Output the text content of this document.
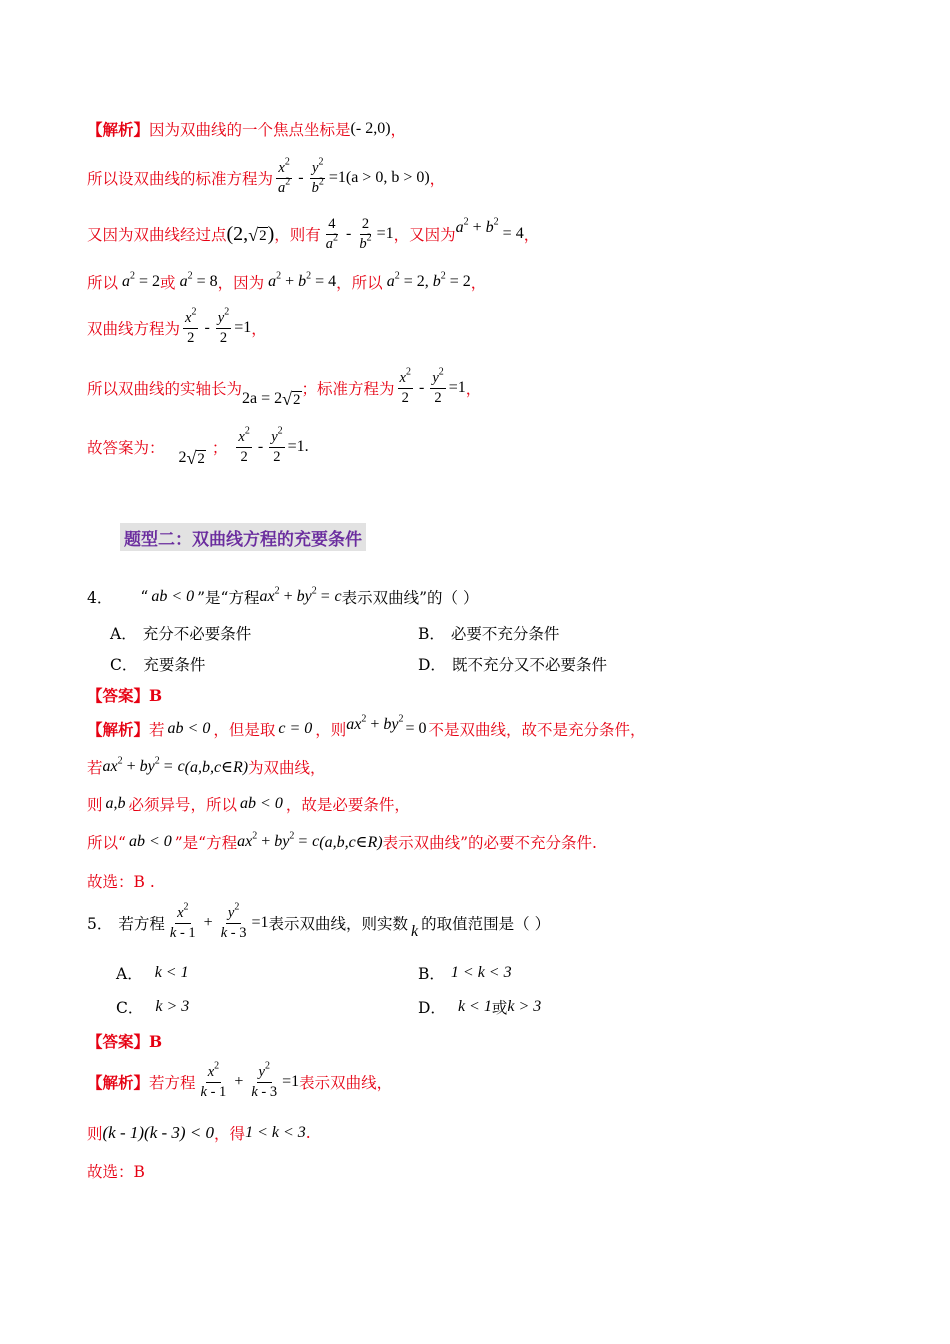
【解析】 因为双曲线的一个焦点坐标是 (- 2,0) ，
所以设双曲线的标准方程为 $\frac{x^2}{a^2} - \frac{y^2}{b^2} =1(a > 0$, b > 0) ，
又因为双曲线经过点 (2, √ 2 ) ，则有 $\frac{4}{a^2} - \frac{2}{b^2} =1$ ，又因为 $a^2 + b^2$
= 4 ，
所以 $a^2 = 2$ 或 $a^2 = 8$ ，因为 $a^2 + b^2 = 4$ ，所以 $a^2 = 2$, $b^2 = 2$ ，
双曲线方程为 $\frac{x^2}{2} - \frac{y^2}{2} =1$ ，
所以双曲线的实轴长为
2a = 2 √ 2
；标准方程为 $\frac{x^2}{2} - \frac{y^2}{2} =1$ ，
故答案为：
2 √ 2
； $\frac{x^2}{2} - \frac{y^2}{2} =1$ .
题型二：双曲线方程的充要条件
4． “ ab < 0 ”是“方程 $ax^2 + by^2 = c$ 表示双曲线”的（ ）
A． 充分不必要条件	B． 必要不充分条件
C． 充要条件	D． 既不充分又不必要条件
【答案】 B
【解析】 若 ab < 0 ，但是取 c = 0 ，则 $ax^2 + by^2$
= 0 不是双曲线，故不是充分条件，
若 $ax^2 + by^2 = c$ (a,b,c∈R) 为双曲线，
则 a,b 必须异号，所以 ab < 0 ，故是必要条件，
所以“ ab < 0 ”是“方程 $ax^2 + by^2 = c$ (a,b,c∈R) 表示双曲线”的必要不充分条件.
故选：B .
5． 若方程 $\frac{x^2}{k - 1} + \frac{y^2}{k - 3} =1$ 表示双曲线，则实数 k 的取值范围是（ ）
A． k < 1	B． 1 < k < 3
C． k > 3	D． k < 1 或 k > 3
【答案】 B
【解析】 若方程 $\frac{x^2}{k - 1} + \frac{y^2}{k - 3} =1$ 表示双曲线，
则 (k - 1)(k - 3) < 0 ，得 1 < k < 3 .
故选：B
